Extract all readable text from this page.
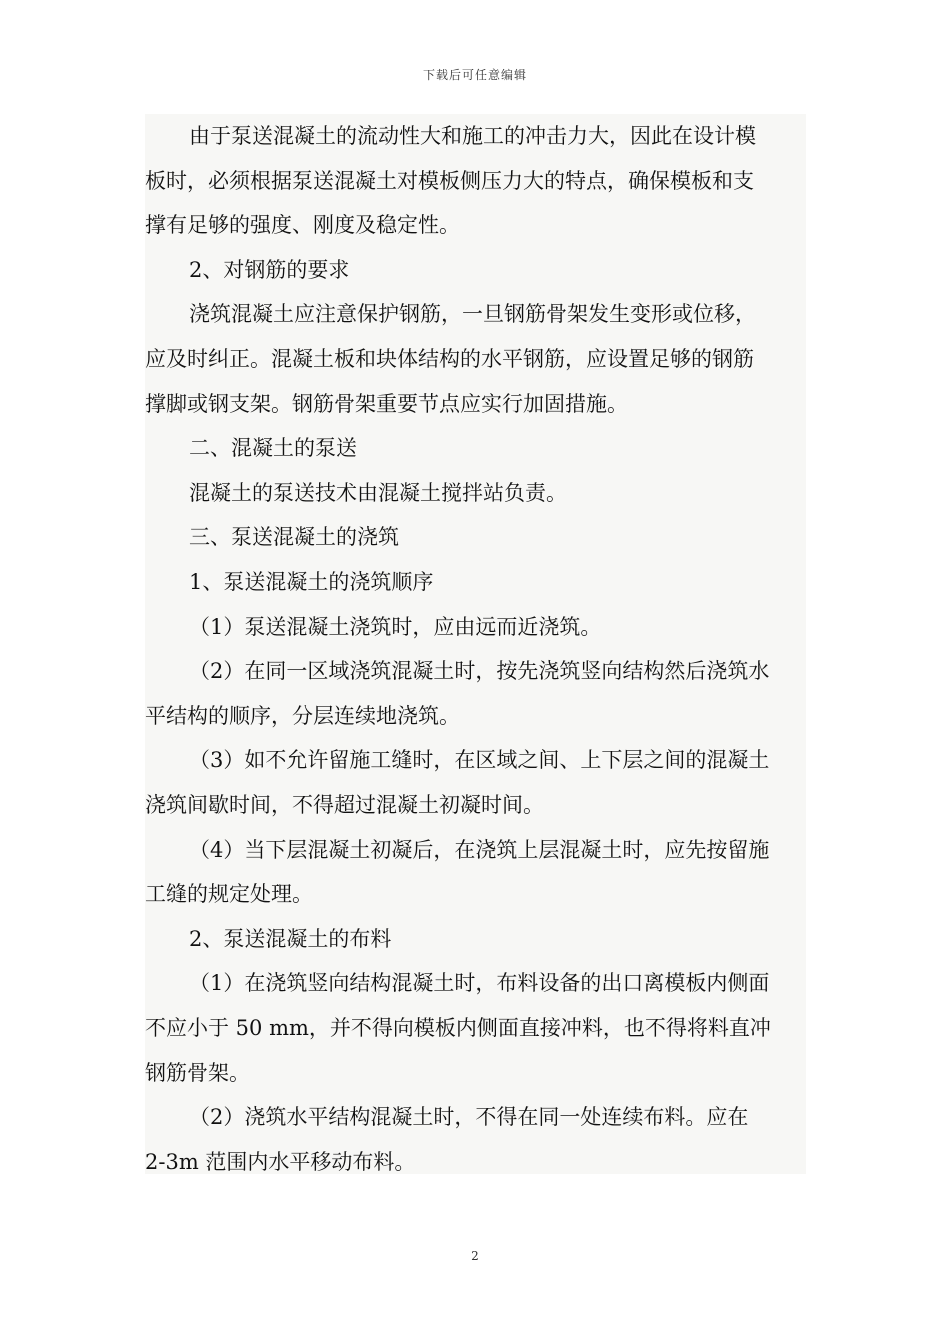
下载后可任意编辑
由于泵送混凝土的流动性大和施工的冲击力大，因此在设计模
板时，必须根据泵送混凝土对模板侧压力大的特点，确保模板和支
撑有足够的强度、刚度及稳定性。
2、对钢筋的要求
浇筑混凝土应注意保护钢筋，一旦钢筋骨架发生变形或位移，
应及时纠正。混凝土板和块体结构的水平钢筋，应设置足够的钢筋
撑脚或钢支架。钢筋骨架重要节点应实行加固措施。
二、混凝土的泵送
混凝土的泵送技术由混凝土搅拌站负责。
三、泵送混凝土的浇筑
1、泵送混凝土的浇筑顺序
（1）泵送混凝土浇筑时，应由远而近浇筑。
（2）在同一区域浇筑混凝土时，按先浇筑竖向结构然后浇筑水
平结构的顺序，分层连续地浇筑。
（3）如不允许留施工缝时，在区域之间、上下层之间的混凝土
浇筑间歇时间，不得超过混凝土初凝时间。
（4）当下层混凝土初凝后，在浇筑上层混凝土时，应先按留施
工缝的规定处理。
2、泵送混凝土的布料
（1）在浇筑竖向结构混凝土时，布料设备的出口离模板内侧面
不应小于 50 mm，并不得向模板内侧面直接冲料，也不得将料直冲
钢筋骨架。
（2）浇筑水平结构混凝土时，不得在同一处连续布料。应在
2-3m 范围内水平移动布料。
2
